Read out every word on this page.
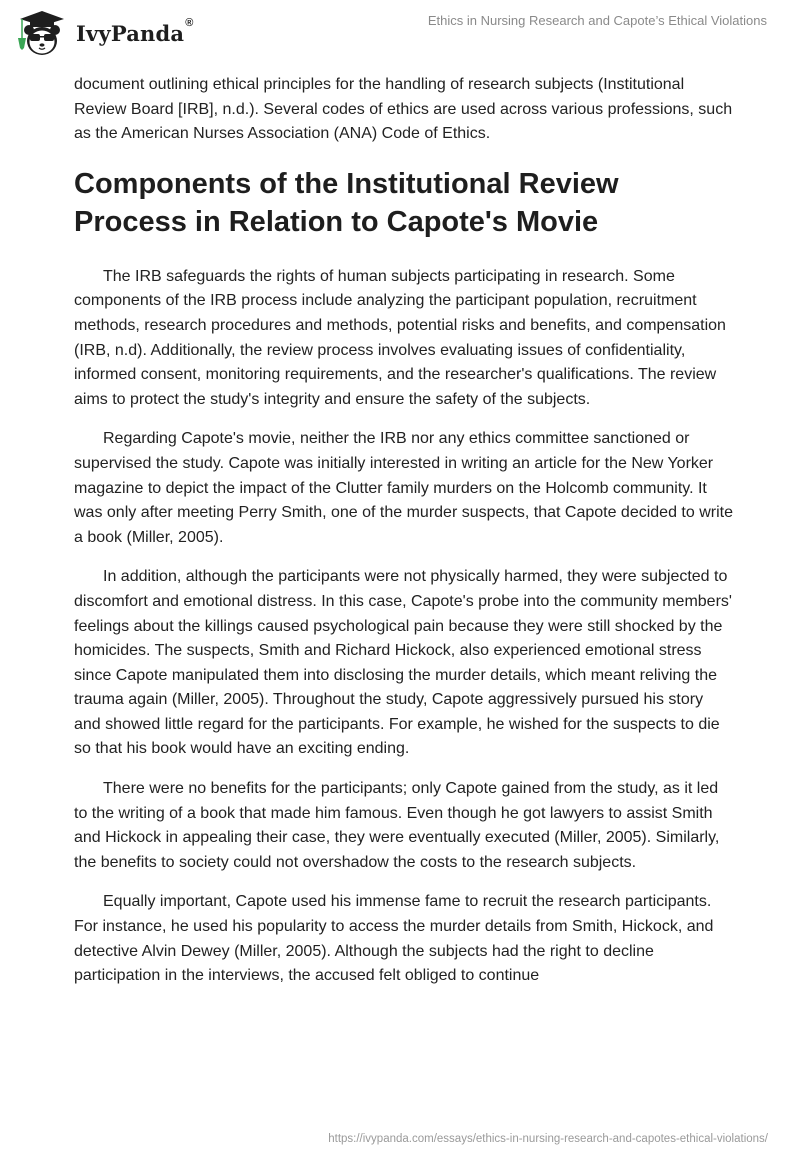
IvyPanda®	Ethics in Nursing Research and Capote’s Ethical Violations

document outlining ethical principles for the handling of research subjects (Institutional Review Board [IRB], n.d.). Several codes of ethics are used across various professions, such as the American Nurses Association (ANA) Code of Ethics.

Components of the Institutional Review Process in Relation to Capote's Movie

The IRB safeguards the rights of human subjects participating in research. Some components of the IRB process include analyzing the participant population, recruitment methods, research procedures and methods, potential risks and benefits, and compensation (IRB, n.d). Additionally, the review process involves evaluating issues of confidentiality, informed consent, monitoring requirements, and the researcher's qualifications. The review aims to protect the study's integrity and ensure the safety of the subjects.

Regarding Capote's movie, neither the IRB nor any ethics committee sanctioned or supervised the study. Capote was initially interested in writing an article for the New Yorker magazine to depict the impact of the Clutter family murders on the Holcomb community. It was only after meeting Perry Smith, one of the murder suspects, that Capote decided to write a book (Miller, 2005).

In addition, although the participants were not physically harmed, they were subjected to discomfort and emotional distress. In this case, Capote's probe into the community members' feelings about the killings caused psychological pain because they were still shocked by the homicides. The suspects, Smith and Richard Hickock, also experienced emotional stress since Capote manipulated them into disclosing the murder details, which meant reliving the trauma again (Miller, 2005). Throughout the study, Capote aggressively pursued his story and showed little regard for the participants. For example, he wished for the suspects to die so that his book would have an exciting ending.

There were no benefits for the participants; only Capote gained from the study, as it led to the writing of a book that made him famous. Even though he got lawyers to assist Smith and Hickock in appealing their case, they were eventually executed (Miller, 2005). Similarly, the benefits to society could not overshadow the costs to the research subjects.

Equally important, Capote used his immense fame to recruit the research participants. For instance, he used his popularity to access the murder details from Smith, Hickock, and detective Alvin Dewey (Miller, 2005). Although the subjects had the right to decline participation in the interviews, the accused felt obliged to continue

https://ivypanda.com/essays/ethics-in-nursing-research-and-capotes-ethical-violations/
